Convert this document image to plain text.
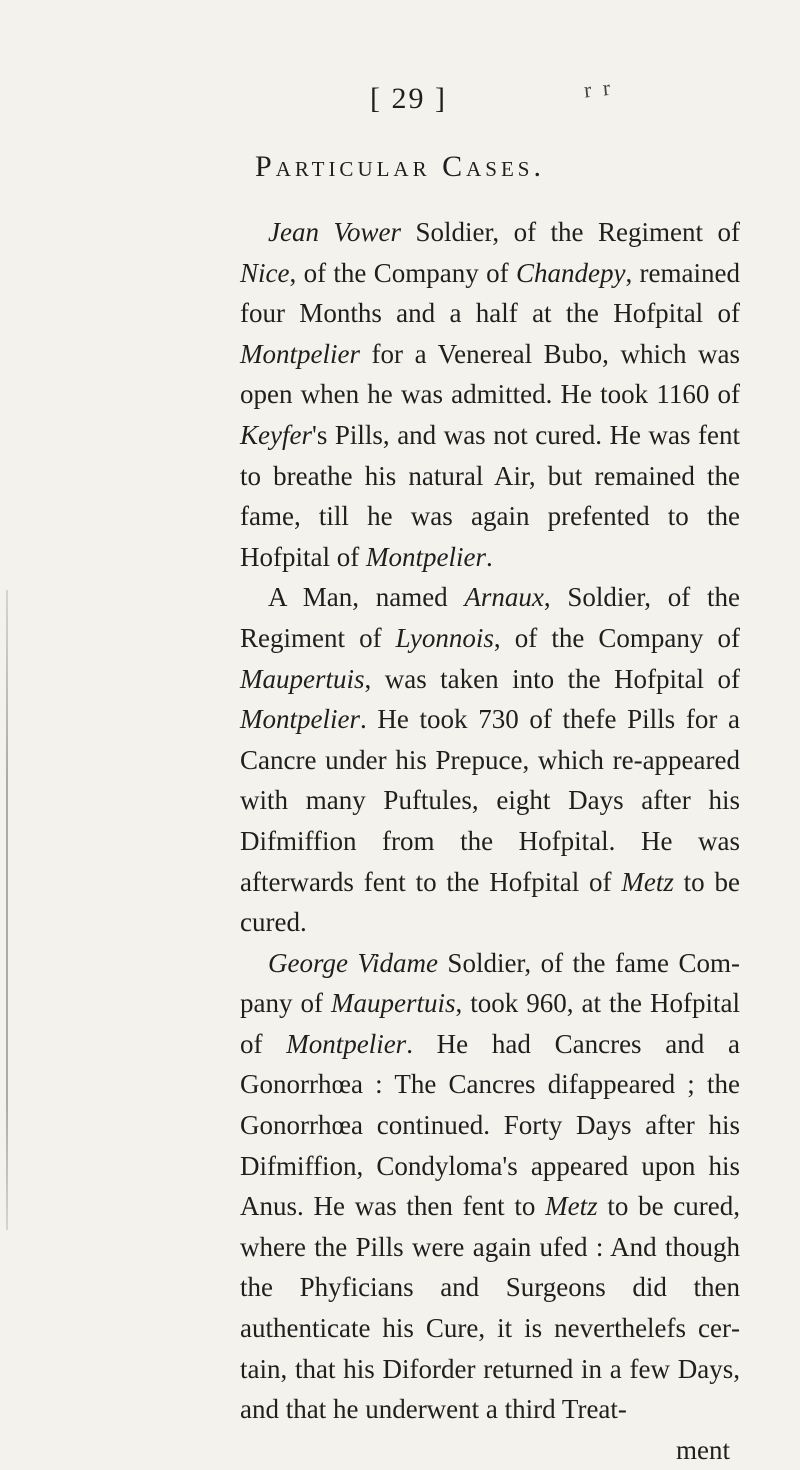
[ 29 ]	r r
Particular Cases.

Jean Vower Soldier, of the Regiment of Nice, of the Company of Chandepy, remained four Months and a half at the Hofpital of Montpelier for a Venereal Bubo, which was open when he was admitted. He took 1160 of Keyfer's Pills, and was not cured. He was fent to breathe his natural Air, but remained the fame, till he was again prefented to the Hofpital of Montpelier.

A Man, named Arnaux, Soldier, of the Regiment of Lyonnois, of the Company of Maupertuis, was taken into the Hofpital of Montpelier. He took 730 of thefe Pills for a Cancre under his Prepuce, which re-appeared with many Puftules, eight Days after his Difmiffion from the Hofpital. He was afterwards fent to the Hofpital of Metz to be cured.

George Vidame Soldier, of the fame Company of Maupertuis, took 960, at the Hofpital of Montpelier. He had Cancres and a Gonorrhœa : The Cancres difappeared ; the Gonorrhœa continued. Forty Days after his Difmiffion, Condyloma's appeared upon his Anus. He was then fent to Metz to be cured, where the Pills were again ufed : And though the Phyficians and Surgeons did then authenticate his Cure, it is neverthelefs certain, that his Diforder returned in a few Days, and that he underwent a third Treat-

ment
